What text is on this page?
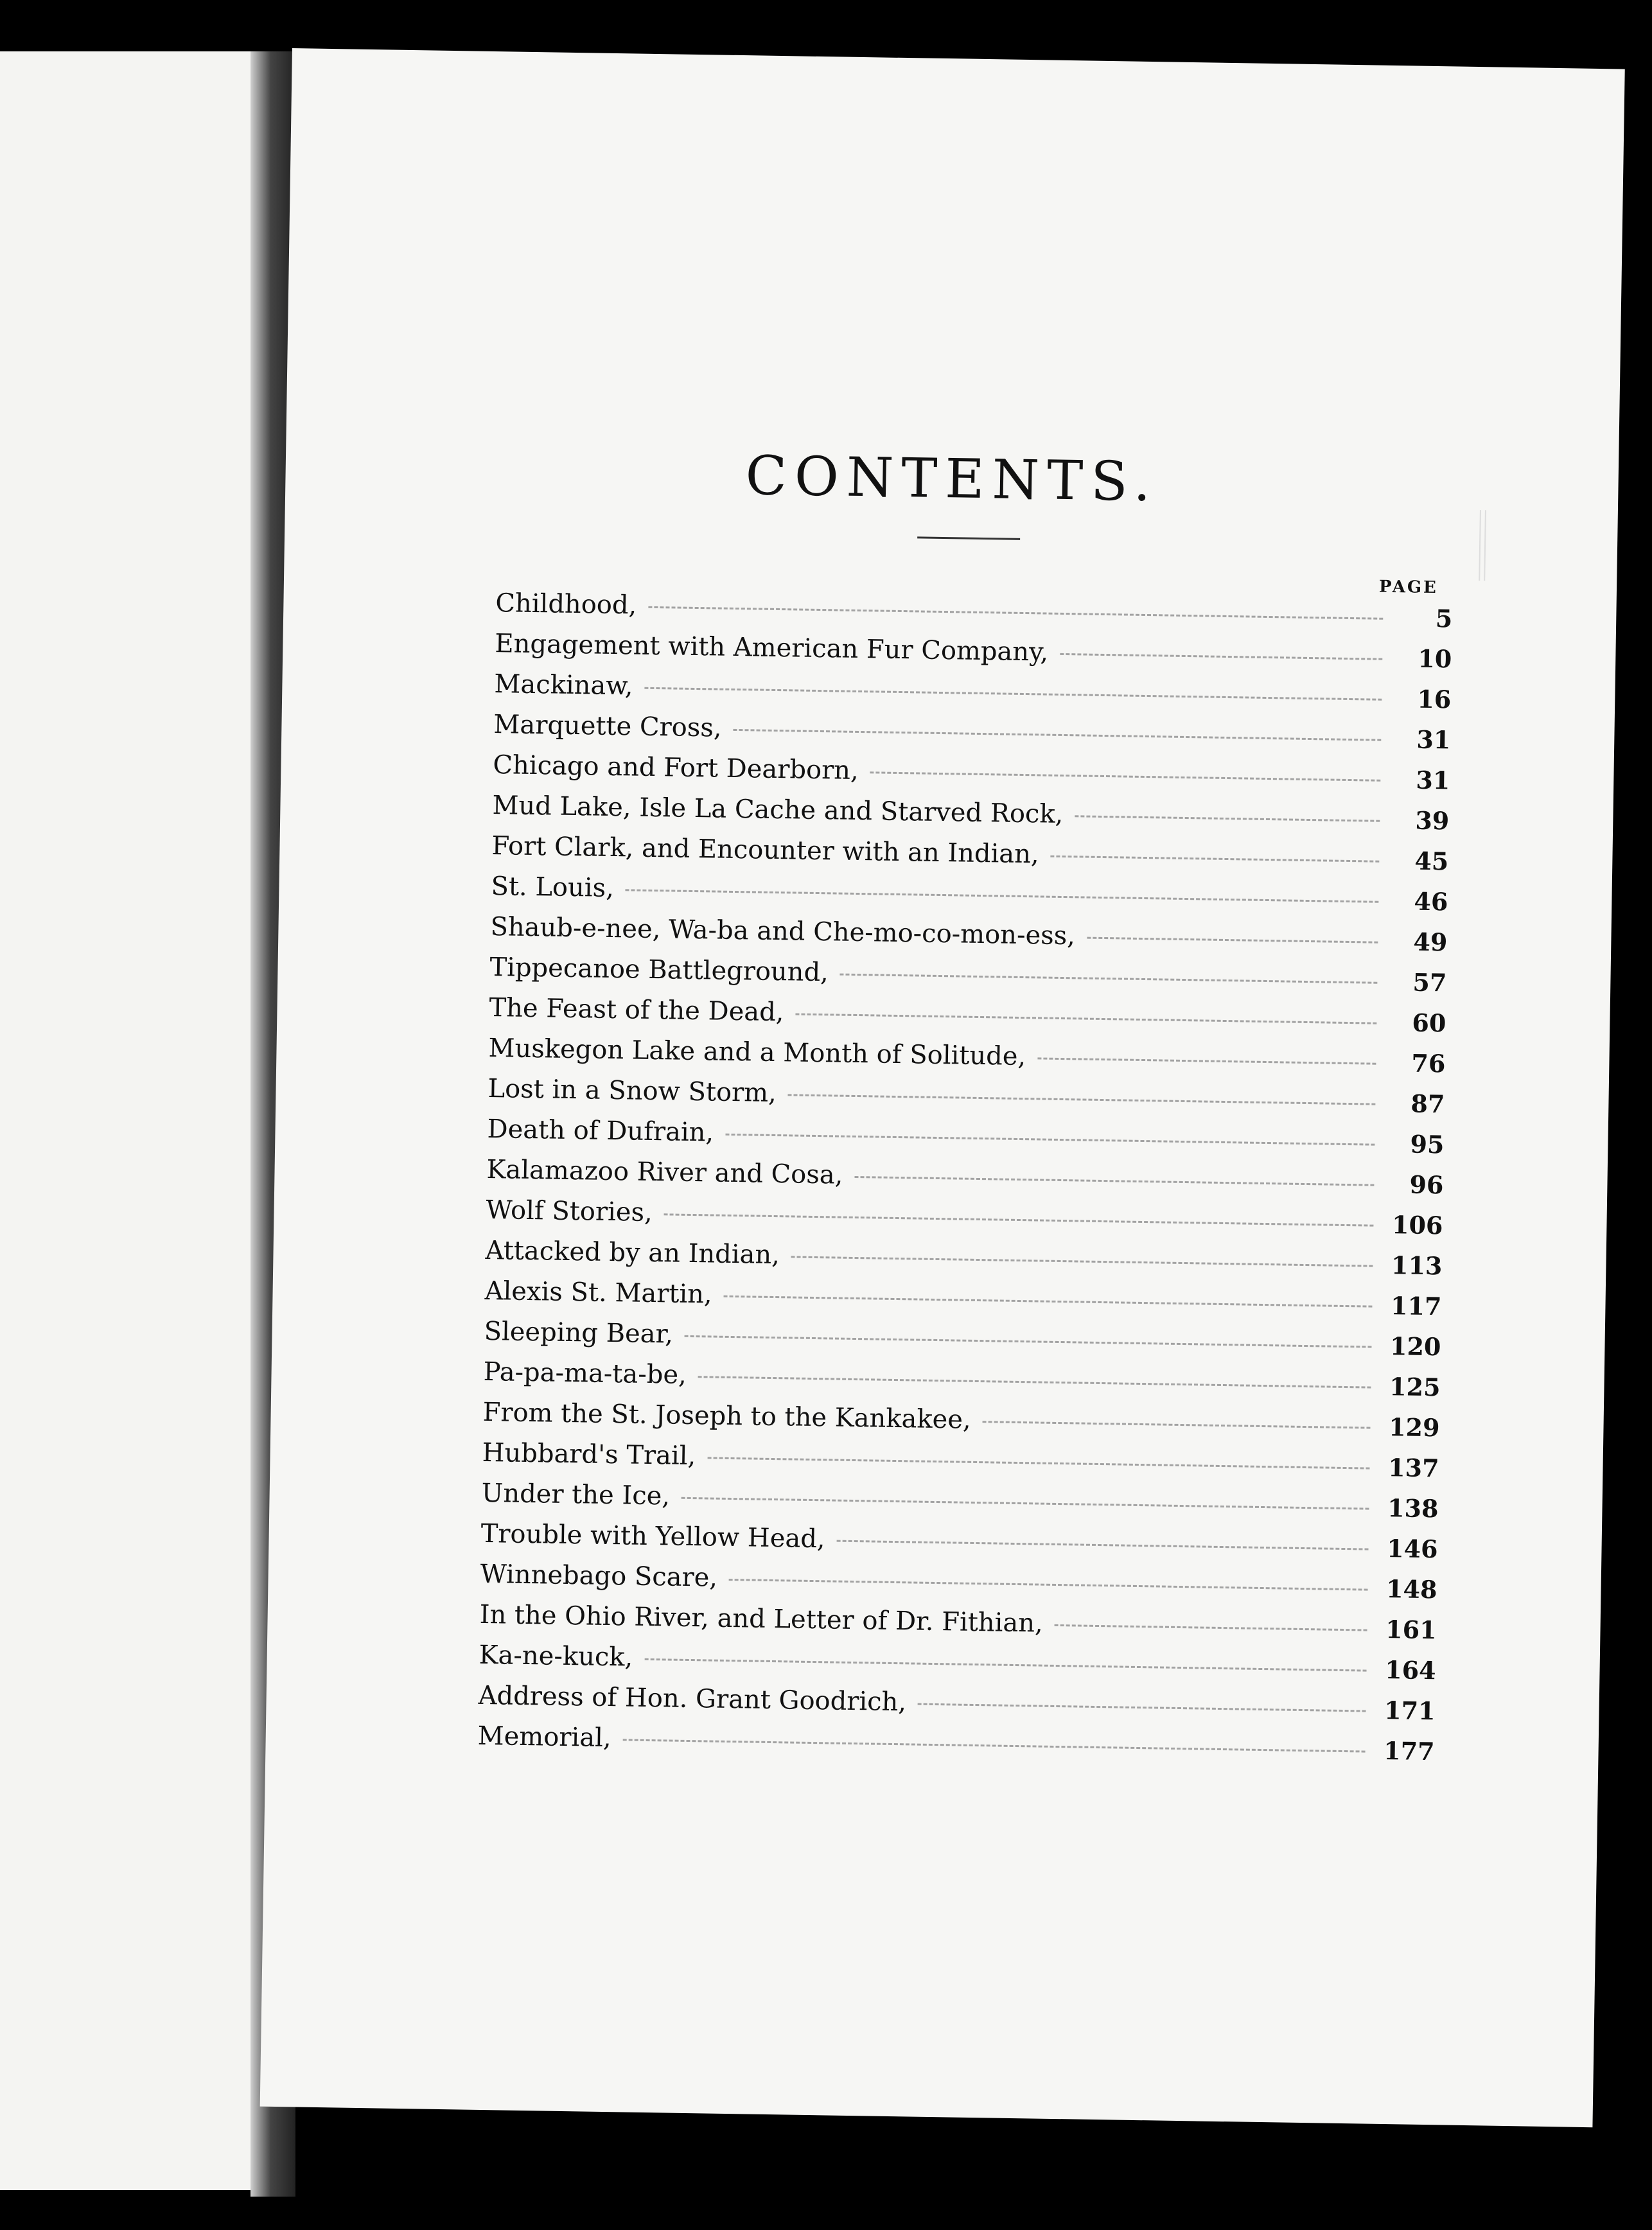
CONTENTS.
PAGE
Childhood,	5
Engagement with American Fur Company,	10
Mackinaw,	16
Marquette Cross,	31
Chicago and Fort Dearborn,	31
Mud Lake, Isle La Cache and Starved Rock,	39
Fort Clark, and Encounter with an Indian,	45
St. Louis,	46
Shaub-e-nee, Wa-ba and Che-mo-co-mon-ess,	49
Tippecanoe Battleground,	57
The Feast of the Dead,	60
Muskegon Lake and a Month of Solitude,	76
Lost in a Snow Storm,	87
Death of Dufrain,	95
Kalamazoo River and Cosa,	96
Wolf Stories,	106
Attacked by an Indian,	113
Alexis St. Martin,	117
Sleeping Bear,	120
Pa-pa-ma-ta-be,	125
From the St. Joseph to the Kankakee,	129
Hubbard's Trail,	137
Under the Ice,	138
Trouble with Yellow Head,	146
Winnebago Scare,	148
In the Ohio River, and Letter of Dr. Fithian,	161
Ka-ne-kuck,	164
Address of Hon. Grant Goodrich,	171
Memorial,	177
